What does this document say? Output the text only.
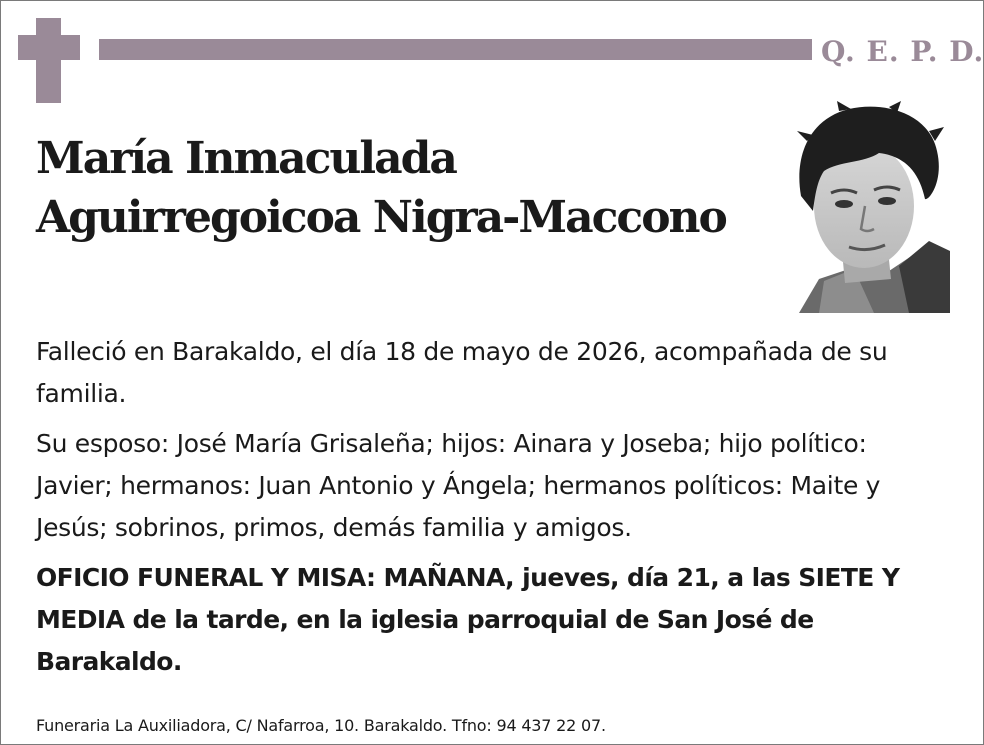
Q. E. P. D.
María Inmaculada
Aguirregoicoa Nigra-Maccono
Falleció en Barakaldo, el día 18 de mayo de 2026, acompañada de su familia.
Su esposo: José María Grisaleña; hijos: Ainara y Joseba; hijo político: Javier; hermanos: Juan Antonio y Ángela; hermanos políticos: Maite y Jesús; sobrinos, primos, demás familia y amigos.
OFICIO FUNERAL Y MISA: MAÑANA, jueves, día 21, a las SIETE Y MEDIA de la tarde, en la iglesia parroquial de San José de Barakaldo.
Funeraria La Auxiliadora, C/ Nafarroa, 10. Barakaldo. Tfno: 94 437 22 07.
